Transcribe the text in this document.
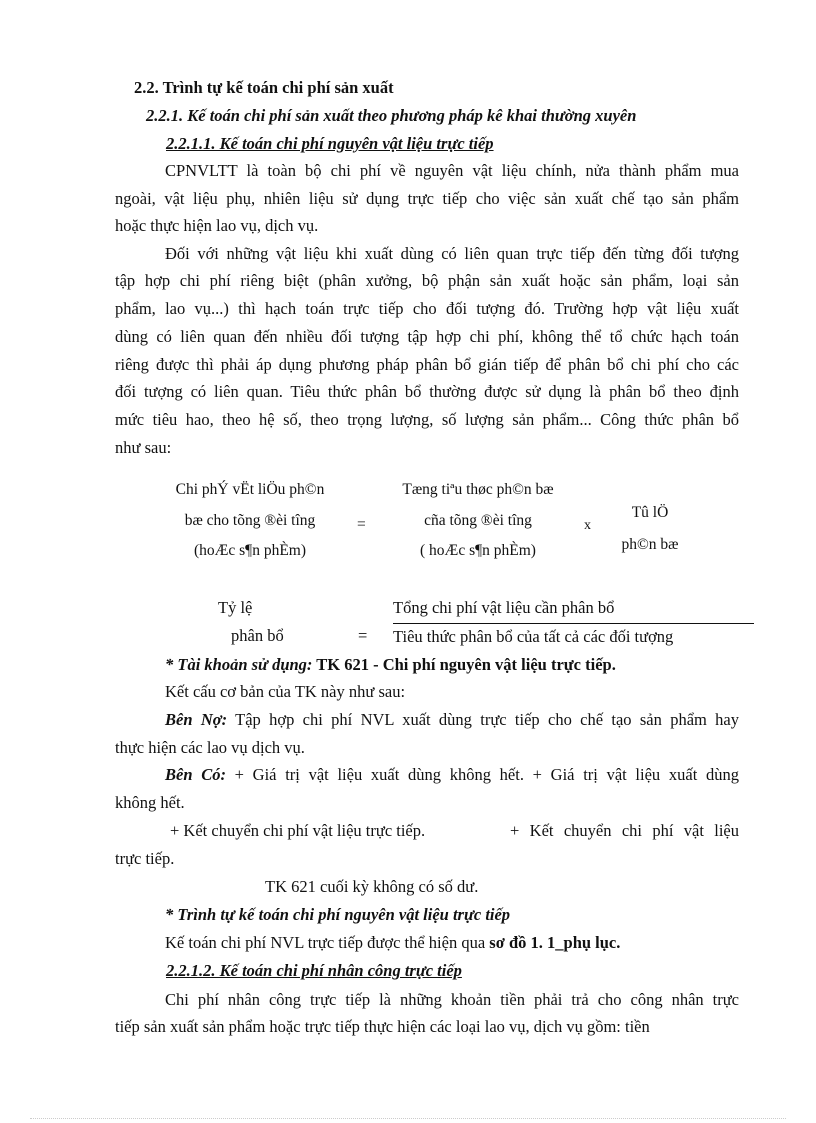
2.2. Trình tự kế toán chi phí sản xuất
2.2.1. Kế toán chi phí sản xuất theo phương pháp kê khai thường xuyên
2.2.1.1. Kế toán chi phí nguyên vật liệu trực tiếp
CPNVLTT là toàn bộ chi phí về nguyên vật liệu chính, nửa thành phẩm mua
ngoài, vật liệu phụ, nhiên liệu sử dụng trực tiếp cho việc sản xuất chế tạo sản phẩm
hoặc thực hiện lao vụ, dịch vụ.
Đối với những vật liệu khi xuất dùng có liên quan trực tiếp đến từng đối tượng
tập hợp chi phí riêng biệt (phân xưởng, bộ phận sản xuất hoặc sản phẩm, loại sản
phẩm, lao vụ...) thì hạch toán trực tiếp cho đối tượng đó. Trường hợp vật liệu xuất
dùng có liên quan đến nhiều đối tượng tập hợp chi phí, không thể tổ chức hạch toán
riêng được thì phải áp dụng phương pháp phân bổ gián tiếp để phân bổ chi phí cho các
đối tượng có liên quan. Tiêu thức phân bổ thường được sử dụng là phân bổ theo định
mức tiêu hao, theo hệ số, theo trọng lượng, số lượng sản phẩm... Công thức phân bổ
như sau:
Chi phÝ vËt liÖu ph©n
bæ cho tõng ®èi tîng
(hoÆc s¶n phÈm)
=
Tæng tiªu thøc ph©n bæ
cña tõng ®èi tîng
( hoÆc s¶n phÈm)
x
Tû lÖ
ph©n bæ
Tỷ lệ
phân bổ	=
Tổng chi phí vật liệu cần phân bổ
Tiêu thức phân bổ của tất cả các đối tượng
* Tài khoản sử dụng: TK 621 - Chi phí nguyên vật liệu trực tiếp.
Kết cấu cơ bản của TK này như sau:
Bên Nợ: Tập hợp chi phí NVL xuất dùng trực tiếp cho chế tạo sản phẩm hay
thực hiện các lao vụ dịch vụ.
Bên Có: + Giá trị vật liệu xuất dùng không hết. + Giá trị vật liệu xuất dùng
không hết.
+ Kết chuyển chi phí vật liệu trực tiếp.	+ Kết chuyển chi phí vật liệu
trực tiếp.
TK 621 cuối kỳ không có số dư.
* Trình tự kế toán chi phí nguyên vật liệu trực tiếp
Kế toán chi phí NVL trực tiếp được thể hiện qua sơ đồ 1. 1_phụ lục.
2.2.1.2. Kế toán chi phí nhân công trực tiếp
Chi phí nhân công trực tiếp là những khoản tiền phải trả cho công nhân trực
tiếp sản xuất sản phẩm hoặc trực tiếp thực hiện các loại lao vụ, dịch vụ gồm: tiền
